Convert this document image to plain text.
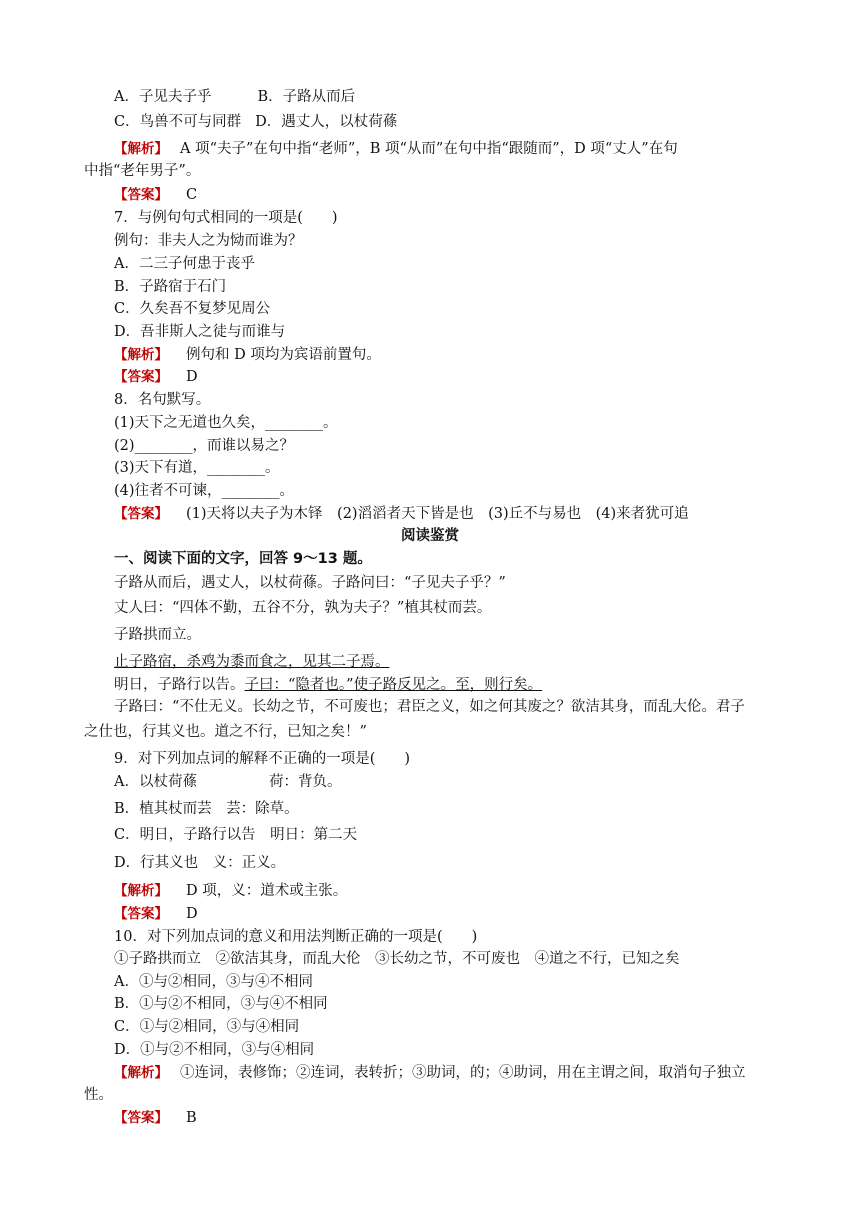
A．子见夫子乎	B．子路从而后
C．鸟兽不可与同群 D．遇丈人，以杖荷蓧
【解析】 A 项“夫子”在句中指“老师”，B 项“从而”在句中指“跟随而”，D 项“丈人”在句
中指“老年男子”。
【答案】 C
7．与例句句式相同的一项是(　　)
例句：非夫人之为恸而谁为？
A．二三子何患于丧乎
B．子路宿于石门
C．久矣吾不复梦见周公
D．吾非斯人之徒与而谁与
【解析】 例句和 D 项均为宾语前置句。
【答案】 D
8．名句默写。
(1)天下之无道也久矣，________。
(2)________，而谁以易之？
(3)天下有道，________。
(4)往者不可谏，________。
【答案】 (1)天将以夫子为木铎　(2)滔滔者天下皆是也　(3)丘不与易也　(4)来者犹可追
阅读鉴赏
一、阅读下面的文字，回答 9～13 题。
子路从而后，遇丈人，以杖荷蓧。子路问曰：“子见夫子乎？”
丈人曰：“四体不勤，五谷不分，孰为夫子？”植其杖而芸。
子路拱而立。
止子路宿，杀鸡为黍而食之，见其二子焉。
明日，子路行以告。子曰：“隐者也。”使子路反见之。至，则行矣。
子路曰：“不仕无义。长幼之节，不可废也；君臣之义，如之何其废之？欲洁其身，而乱大伦。君子
之仕也，行其义也。道之不行，已知之矣！”
9．对下列加点词的解释不正确的一项是(　　)
A．以杖荷蓧	荷：背负。
B．植其杖而芸　芸：除草。
C．明日，子路行以告　明日：第二天
D．行其义也　义：正义。
【解析】 D 项，义：道术或主张。
【答案】 D
10．对下列加点词的意义和用法判断正确的一项是(　　)
①子路拱而立　②欲洁其身，而乱大伦　③长幼之节，不可废也　④道之不行，已知之矣
A．①与②相同，③与④不相同
B．①与②不相同，③与④不相同
C．①与②相同，③与④相同
D．①与②不相同，③与④相同
【解析】 ①连词，表修饰；②连词，表转折；③助词，的；④助词，用在主谓之间，取消句子独立
性。
【答案】 B
